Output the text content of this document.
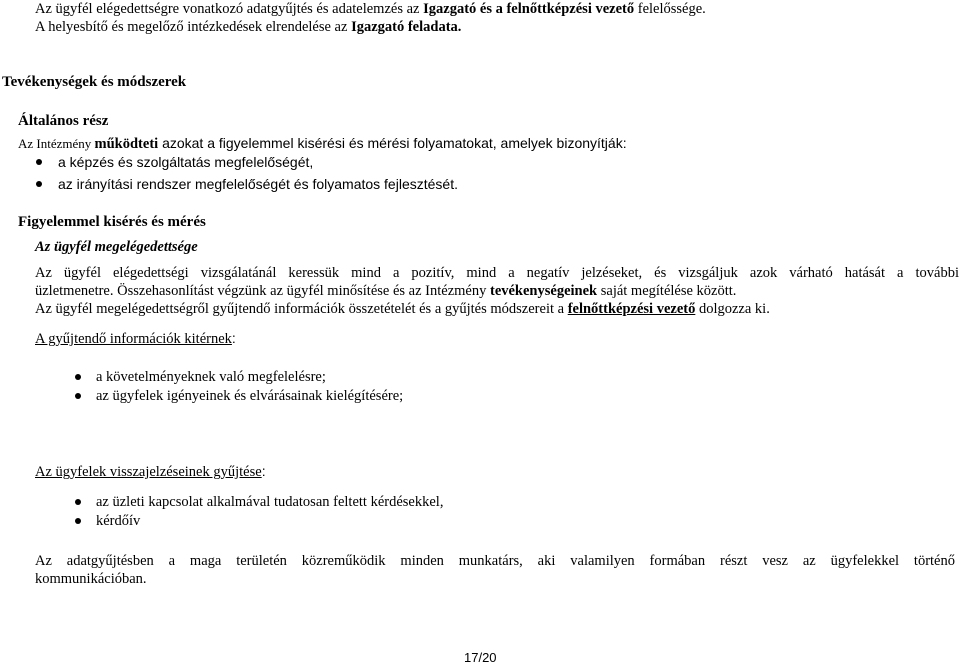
Az ügyfél elégedettségre vonatkozó adatgyűjtés és adatelemzés az Igazgató és a felnőttképzési vezető felelőssége.
A helyesbítő és megelőző intézkedések elrendelése az Igazgató feladata.
Tevékenységek és módszerek
Általános rész
Az Intézmény működteti azokat a figyelemmel kisérési és mérési folyamatokat, amelyek bizonyítják:
a képzés és szolgáltatás megfelelőségét,
az irányítási rendszer megfelelőségét és folyamatos fejlesztését.
Figyelemmel kisérés és mérés
Az ügyfél megelégedettsége
Az ügyfél elégedettségi vizsgálatánál keressük mind a pozitív, mind a negatív jelzéseket, és vizsgáljuk azok várható hatását a további
üzletmenetre. Összehasonlítást végzünk az ügyfél minősítése és az Intézmény tevékenységeinek saját megítélése között.
Az ügyfél megelégedettségről gyűjtendő információk összetételét és a gyűjtés módszereit a felnőttképzési vezető dolgozza ki.
A gyűjtendő információk kitérnek:
a követelményeknek való megfelelésre;
az ügyfelek igényeinek és elvárásainak kielégítésére;
Az ügyfelek visszajelzéseinek gyűjtése:
az üzleti kapcsolat alkalmával tudatosan feltett kérdésekkel,
kérdőív
Az adatgyűjtésben a maga területén közreműködik minden munkatárs, aki valamilyen formában részt vesz az ügyfelekkel történő
kommunikációban.
17/20
